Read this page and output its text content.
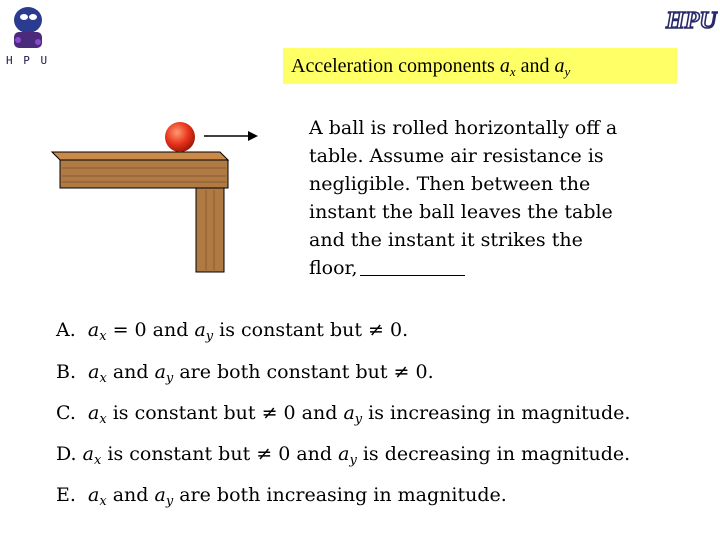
H P U
HPU
Acceleration components $a_x$ and $a_y$
A ball is rolled horizontally off a
table. Assume air resistance is
negligible. Then between the
instant the ball leaves the table
and the instant it strikes the
floor,
A. $a_x = 0$ and $a_y$ is constant but ≠ 0.
B. $a_x$ and $a_y$ are both constant but ≠ 0.
C. $a_x$ is constant but ≠ 0 and $a_y$ is increasing in magnitude.
D. $a_x$ is constant but ≠ 0 and $a_y$ is decreasing in magnitude.
E. $a_x$ and $a_y$ are both increasing in magnitude.
